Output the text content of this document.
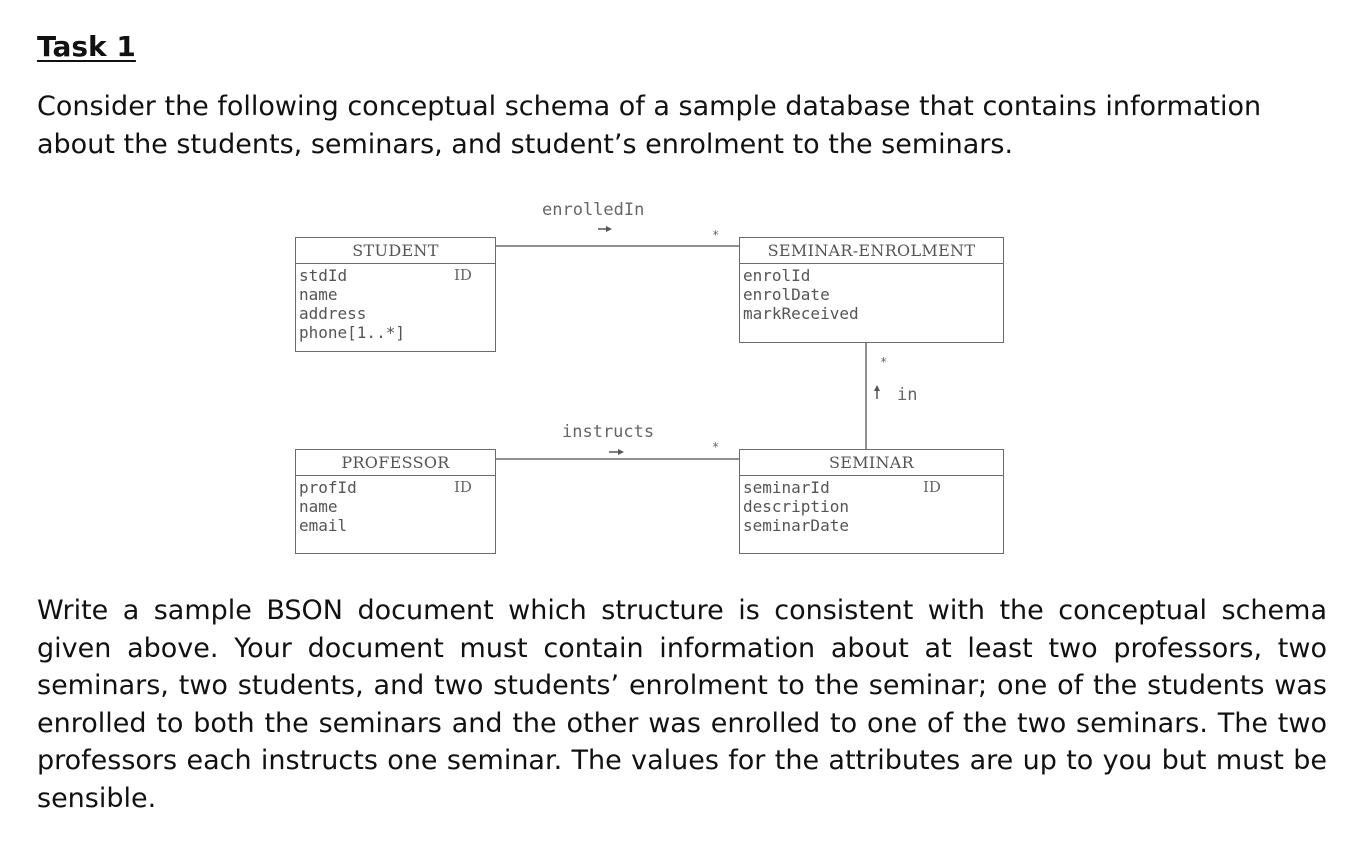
Task 1

Consider the following conceptual schema of a sample database that contains information about the students, seminars, and student’s enrolment to the seminars.

STUDENT
stdId
name
address
phone[1..*]
ID
SEMINAR-ENROLMENT
enrolId
enrolDate
markReceived
PROFESSOR
profId
name
email
ID
SEMINAR
seminarId
description
seminarDate
ID
enrolledIn
*
instructs
*
in
*

Write a sample BSON document which structure is consistent with the conceptual schema given above. Your document must contain information about at least two professors, two seminars, two students, and two students’ enrolment to the seminar; one of the students was enrolled to both the seminars and the other was enrolled to one of the two seminars. The two professors each instructs one seminar. The values for the attributes are up to you but must be sensible.
